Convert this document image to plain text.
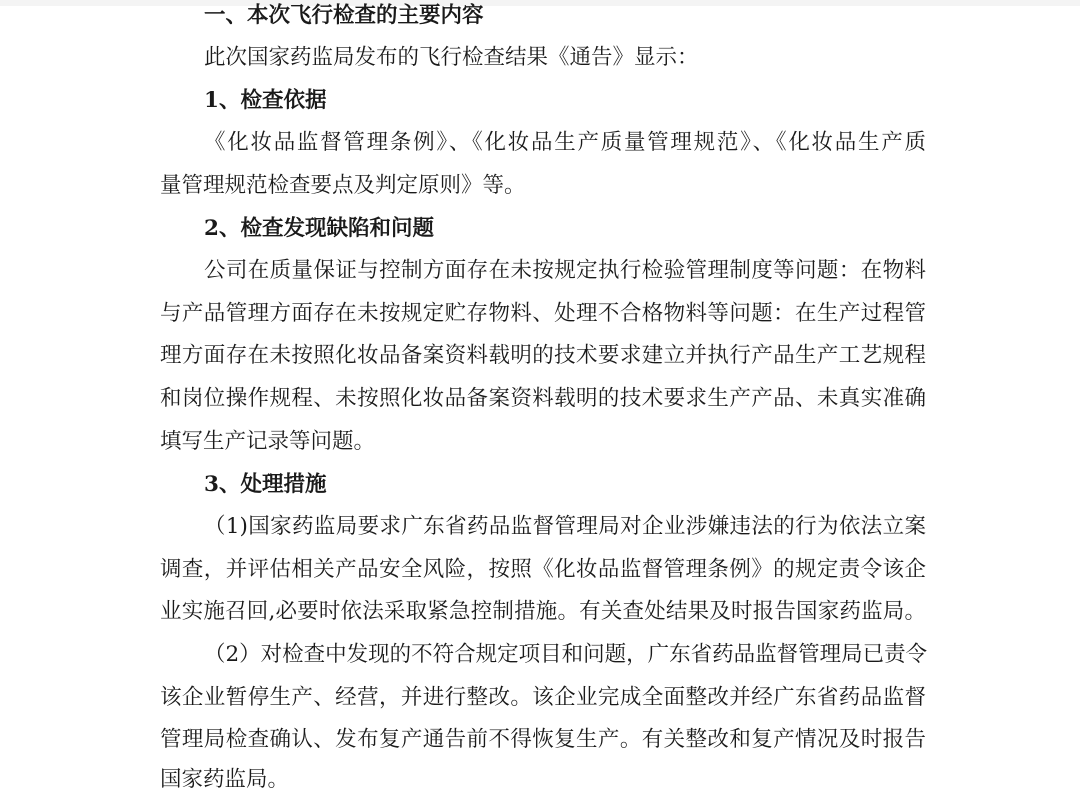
一、本次飞行检查的主要内容
此次国家药监局发布的飞行检查结果《通告》显示：
1、检查依据
《化妆品监督管理条例》、《化妆品生产质量管理规范》、《化妆品生产质
量管理规范检查要点及判定原则》等。
2、检查发现缺陷和问题
公司在质量保证与控制方面存在未按规定执行检验管理制度等问题：在物料
与产品管理方面存在未按规定贮存物料、处理不合格物料等问题：在生产过程管
理方面存在未按照化妆品备案资料载明的技术要求建立并执行产品生产工艺规程
和岗位操作规程、未按照化妆品备案资料载明的技术要求生产产品、未真实准确
填写生产记录等问题。
3、处理措施
（1)国家药监局要求广东省药品监督管理局对企业涉嫌违法的行为依法立案
调查，并评估相关产品安全风险，按照《化妆品监督管理条例》的规定责令该企
业实施召回,必要时依法采取紧急控制措施。有关查处结果及时报告国家药监局。
（2）对检查中发现的不符合规定项目和问题，广东省药品监督管理局已责令
该企业暂停生产、经营，并进行整改。该企业完成全面整改并经广东省药品监督
管理局检查确认、发布复产通告前不得恢复生产。有关整改和复产情况及时报告
国家药监局。
